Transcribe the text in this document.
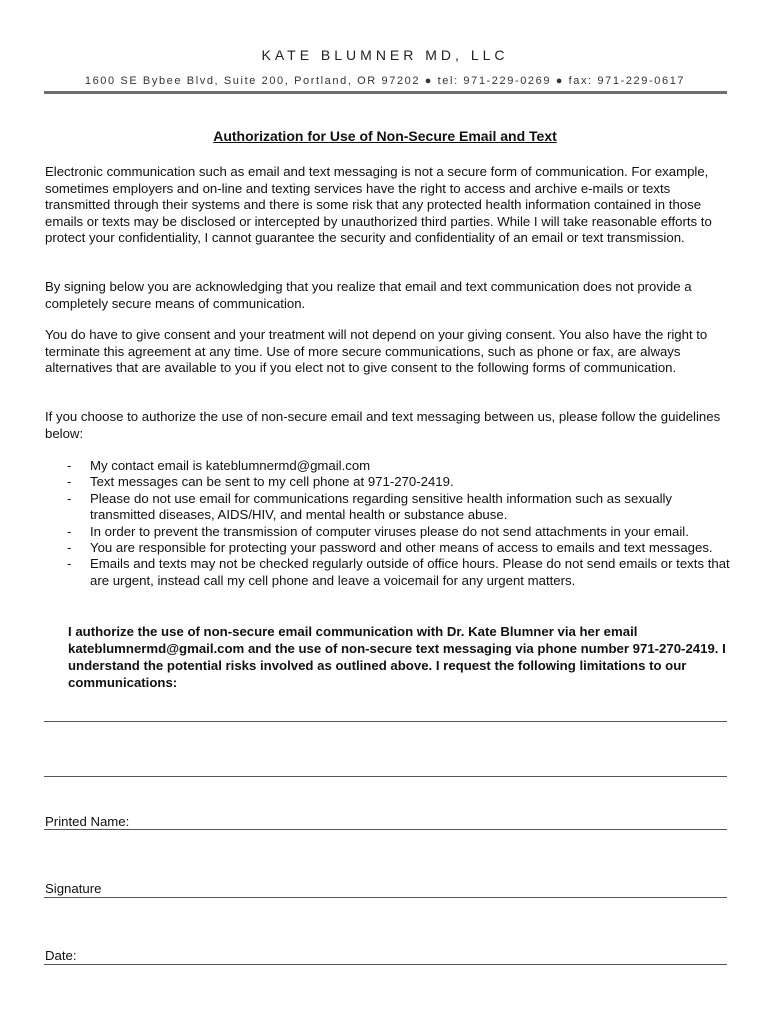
KATE BLUMNER MD, LLC
1600 SE Bybee Blvd, Suite 200, Portland, OR 97202 ● tel: 971-229-0269 ● fax: 971-229-0617
Authorization for Use of Non-Secure Email and Text
Electronic communication such as email and text messaging is not a secure form of communication. For example, sometimes employers and on-line and texting services have the right to access and archive e-mails or texts transmitted through their systems and there is some risk that any protected health information contained in those emails or texts may be disclosed or intercepted by unauthorized third parties. While I will take reasonable efforts to protect your confidentiality, I cannot guarantee the security and confidentiality of an email or text transmission.
By signing below you are acknowledging that you realize that email and text communication does not provide a completely secure means of communication.
You do have to give consent and your treatment will not depend on your giving consent. You also have the right to terminate this agreement at any time. Use of more secure communications, such as phone or fax, are always alternatives that are available to you if you elect not to give consent to the following forms of communication.
If you choose to authorize the use of non-secure email and text messaging between us, please follow the guidelines below:
- My contact email is kateblumnermd@gmail.com
- Text messages can be sent to my cell phone at 971-270-2419.
- Please do not use email for communications regarding sensitive health information such as sexually transmitted diseases, AIDS/HIV, and mental health or substance abuse.
- In order to prevent the transmission of computer viruses please do not send attachments in your email.
- You are responsible for protecting your password and other means of access to emails and text messages.
- Emails and texts may not be checked regularly outside of office hours. Please do not send emails or texts that are urgent, instead call my cell phone and leave a voicemail for any urgent matters.
I authorize the use of non-secure email communication with Dr. Kate Blumner via her email kateblumnermd@gmail.com and the use of non-secure text messaging via phone number 971-270-2419. I understand the potential risks involved as outlined above. I request the following limitations to our communications:
Printed Name:
Signature
Date:
